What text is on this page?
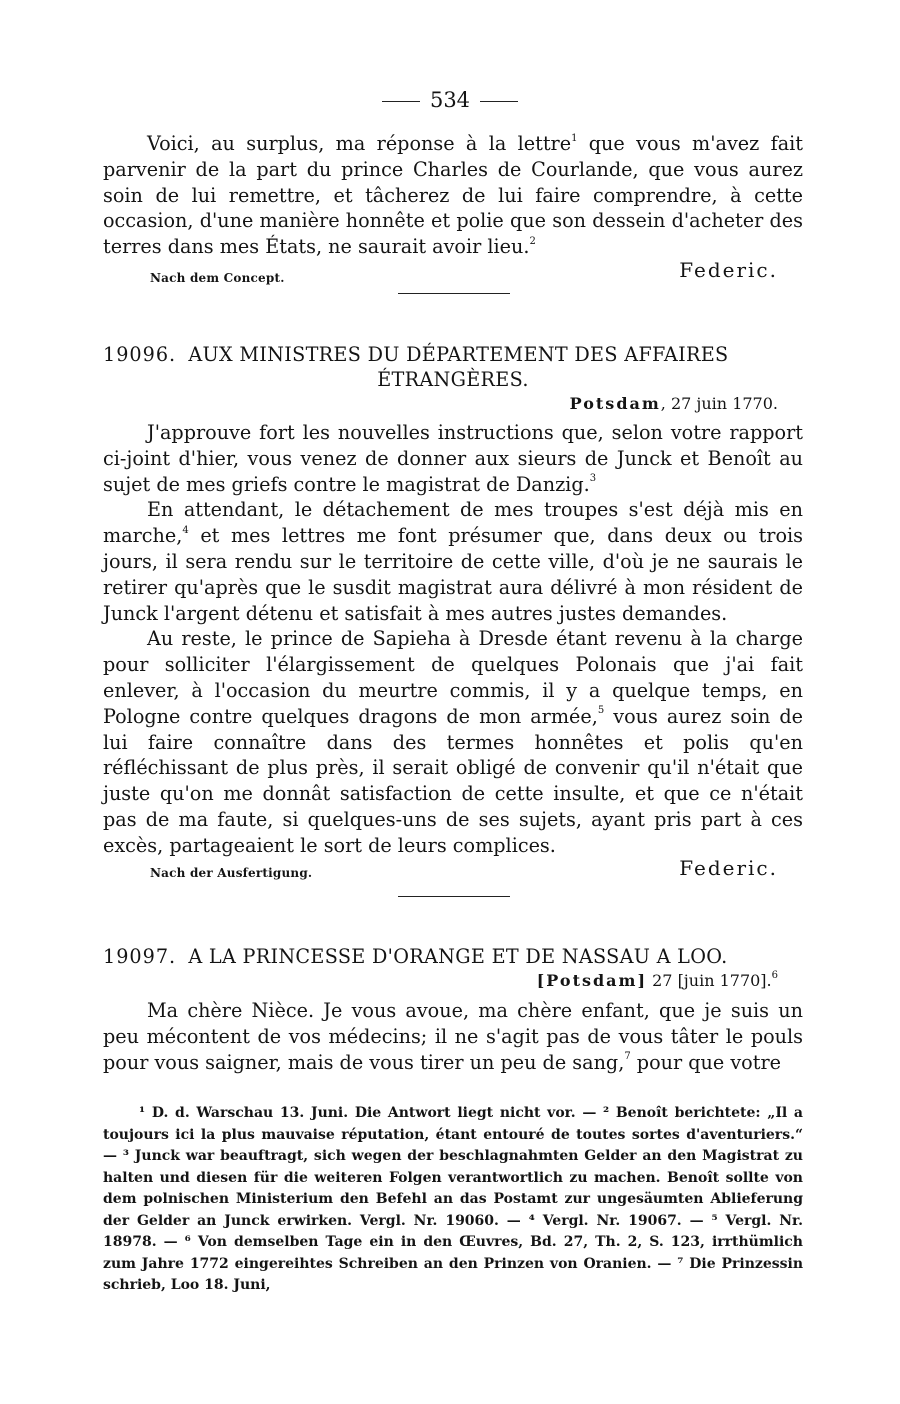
534

Voici, au surplus, ma réponse à la lettre$^1$ que vous m'avez fait parvenir de la part du prince Charles de Courlande, que vous aurez soin de lui remettre, et tâcherez de lui faire comprendre, à cette occasion, d'une manière honnête et polie que son dessein d'acheter des terres dans mes États, ne saurait avoir lieu.$^2$

Nach dem Concept.	Federic.
19096. AUX MINISTRES DU DÉPARTEMENT DES AFFAIRES
ÉTRANGÈRES.
Potsdam, 27 juin 1770.

J'approuve fort les nouvelles instructions que, selon votre rapport ci-joint d'hier, vous venez de donner aux sieurs de Junck et Benoît au sujet de mes griefs contre le magistrat de Danzig.$^3$

En attendant, le détachement de mes troupes s'est déjà mis en marche,$^4$ et mes lettres me font présumer que, dans deux ou trois jours, il sera rendu sur le territoire de cette ville, d'où je ne saurais le retirer qu'après que le susdit magistrat aura délivré à mon résident de Junck l'argent détenu et satisfait à mes autres justes demandes.

Au reste, le prince de Sapieha à Dresde étant revenu à la charge pour solliciter l'élargissement de quelques Polonais que j'ai fait enlever, à l'occasion du meurtre commis, il y a quelque temps, en Pologne contre quelques dragons de mon armée,$^5$ vous aurez soin de lui faire connaître dans des termes honnêtes et polis qu'en réfléchissant de plus près, il serait obligé de convenir qu'il n'était que juste qu'on me donnât satisfaction de cette insulte, et que ce n'était pas de ma faute, si quelques-uns de ses sujets, ayant pris part à ces excès, partageaient le sort de leurs complices.

Nach der Ausfertigung.	Federic.
19097. A LA PRINCESSE D'ORANGE ET DE NASSAU A LOO.
[Potsdam] 27 [juin 1770].$^6$

Ma chère Nièce. Je vous avoue, ma chère enfant, que je suis un peu mécontent de vos médecins; il ne s'agit pas de vous tâter le pouls pour vous saigner, mais de vous tirer un peu de sang,$^7$ pour que votre

¹ D. d. Warschau 13. Juni. Die Antwort liegt nicht vor. — ² Benoît berichtete: „Il a toujours ici la plus mauvaise réputation, étant entouré de toutes sortes d'aventuriers.“ — ³ Junck war beauftragt, sich wegen der beschlagnahmten Gelder an den Magistrat zu halten und diesen für die weiteren Folgen verantwortlich zu machen. Benoît sollte von dem polnischen Ministerium den Befehl an das Postamt zur ungesäumten Ablieferung der Gelder an Junck erwirken. Vergl. Nr. 19060. — ⁴ Vergl. Nr. 19067. — ⁵ Vergl. Nr. 18978. — ⁶ Von demselben Tage ein in den Œuvres, Bd. 27, Th. 2, S. 123, irrthümlich zum Jahre 1772 eingereihtes Schreiben an den Prinzen von Oranien. — ⁷ Die Prinzessin schrieb, Loo 18. Juni,
